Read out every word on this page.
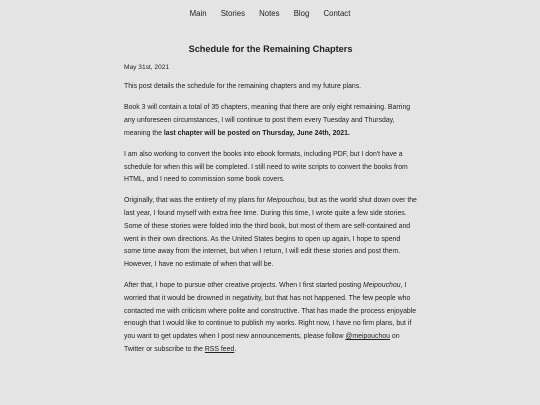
Main Stories Notes Blog Contact
Schedule for the Remaining Chapters
May 31st, 2021

This post details the schedule for the remaining chapters and my future plans.

Book 3 will contain a total of 35 chapters, meaning that there are only eight remaining. Barring any unforeseen circumstances, I will continue to post them every Tuesday and Thursday, meaning the last chapter will be posted on Thursday, June 24th, 2021.

I am also working to convert the books into ebook formats, including PDF, but I don't have a schedule for when this will be completed. I still need to write scripts to convert the books from HTML, and I need to commission some book covers.

Originally, that was the entirety of my plans for Meipouchou, but as the world shut down over the last year, I found myself with extra free time. During this time, I wrote quite a few side stories. Some of these stories were folded into the third book, but most of them are self-contained and went in their own directions. As the United States begins to open up again, I hope to spend some time away from the internet, but when I return, I will edit these stories and post them. However, I have no estimate of when that will be.

After that, I hope to pursue other creative projects. When I first started posting Meipouchou, I worried that it would be drowned in negativity, but that has not happened. The few people who contacted me with criticism where polite and constructive. That has made the process enjoyable enough that I would like to continue to publish my works. Right now, I have no firm plans, but if you want to get updates when I post new announcements, please follow @meipouchou on Twitter or subscribe to the RSS feed.
